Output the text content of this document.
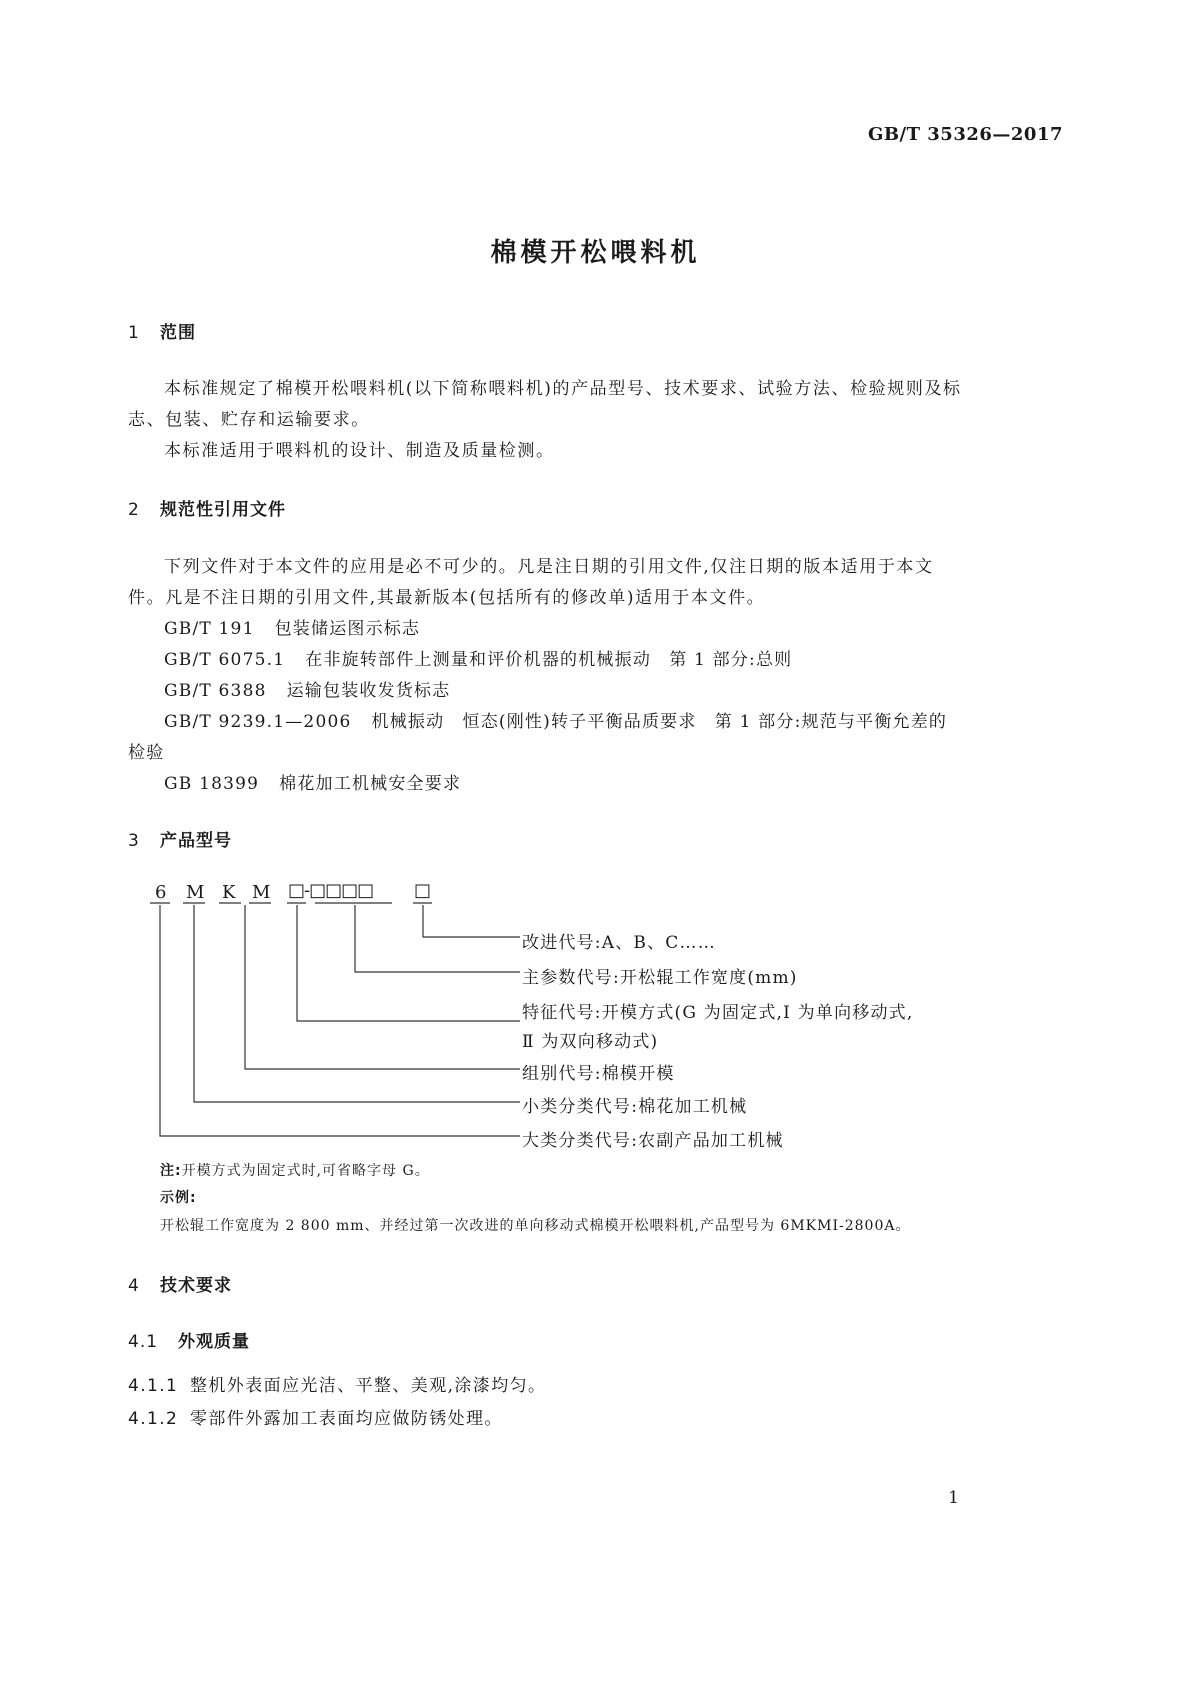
GB/T 35326—2017
棉模开松喂料机
1 范围
本标准规定了棉模开松喂料机(以下简称喂料机)的产品型号、技术要求、试验方法、检验规则及标
志、包装、贮存和运输要求。
本标准适用于喂料机的设计、制造及质量检测。
2 规范性引用文件
下列文件对于本文件的应用是必不可少的。凡是注日期的引用文件,仅注日期的版本适用于本文
件。凡是不注日期的引用文件,其最新版本(包括所有的修改单)适用于本文件。
GB/T 191 包装储运图示标志
GB/T 6075.1 在非旋转部件上测量和评价机器的机械振动　第 1 部分:总则
GB/T 6388 运输包装收发货标志
GB/T 9239.1—2006 机械振动　恒态(刚性)转子平衡品质要求　第 1 部分:规范与平衡允差的
检验
GB 18399 棉花加工机械安全要求
3 产品型号
6 M K M □-□□□□ □
改进代号:A、B、C……
主参数代号:开松辊工作宽度(mm)
特征代号:开模方式(G 为固定式,Ⅰ 为单向移动式,
Ⅱ 为双向移动式)
组别代号:棉模开模
小类分类代号:棉花加工机械
大类分类代号:农副产品加工机械
注:开模方式为固定式时,可省略字母 G。
示例:
开松辊工作宽度为 2 800 mm、并经过第一次改进的单向移动式棉模开松喂料机,产品型号为 6MKMⅠ-2800A。
4 技术要求
4.1 外观质量
4.1.1 整机外表面应光洁、平整、美观,涂漆均匀。
4.1.2 零部件外露加工表面均应做防锈处理。
1
